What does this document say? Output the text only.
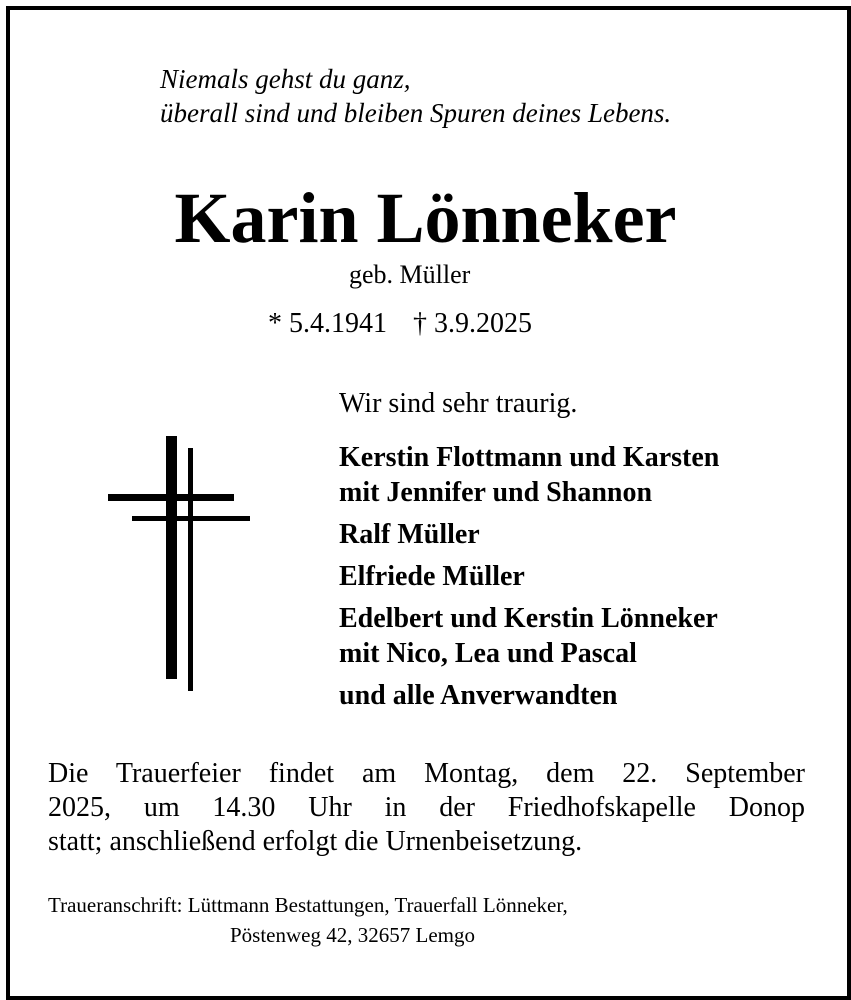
Niemals gehst du ganz,
überall sind und bleiben Spuren deines Lebens.
Karin Lönneker
geb. Müller
* 5.4.1941 † 3.9.2025
Wir sind sehr traurig.
Kerstin Flottmann und Karsten
mit Jennifer und Shannon
Ralf Müller
Elfriede Müller
Edelbert und Kerstin Lönneker
mit Nico, Lea und Pascal
und alle Anverwandten
Die Trauerfeier findet am Montag, dem 22. September
2025, um 14.30 Uhr in der Friedhofskapelle Donop
statt; anschließend erfolgt die Urnenbeisetzung.
Traueranschrift: Lüttmann Bestattungen, Trauerfall Lönneker,
Pöstenweg 42, 32657 Lemgo
